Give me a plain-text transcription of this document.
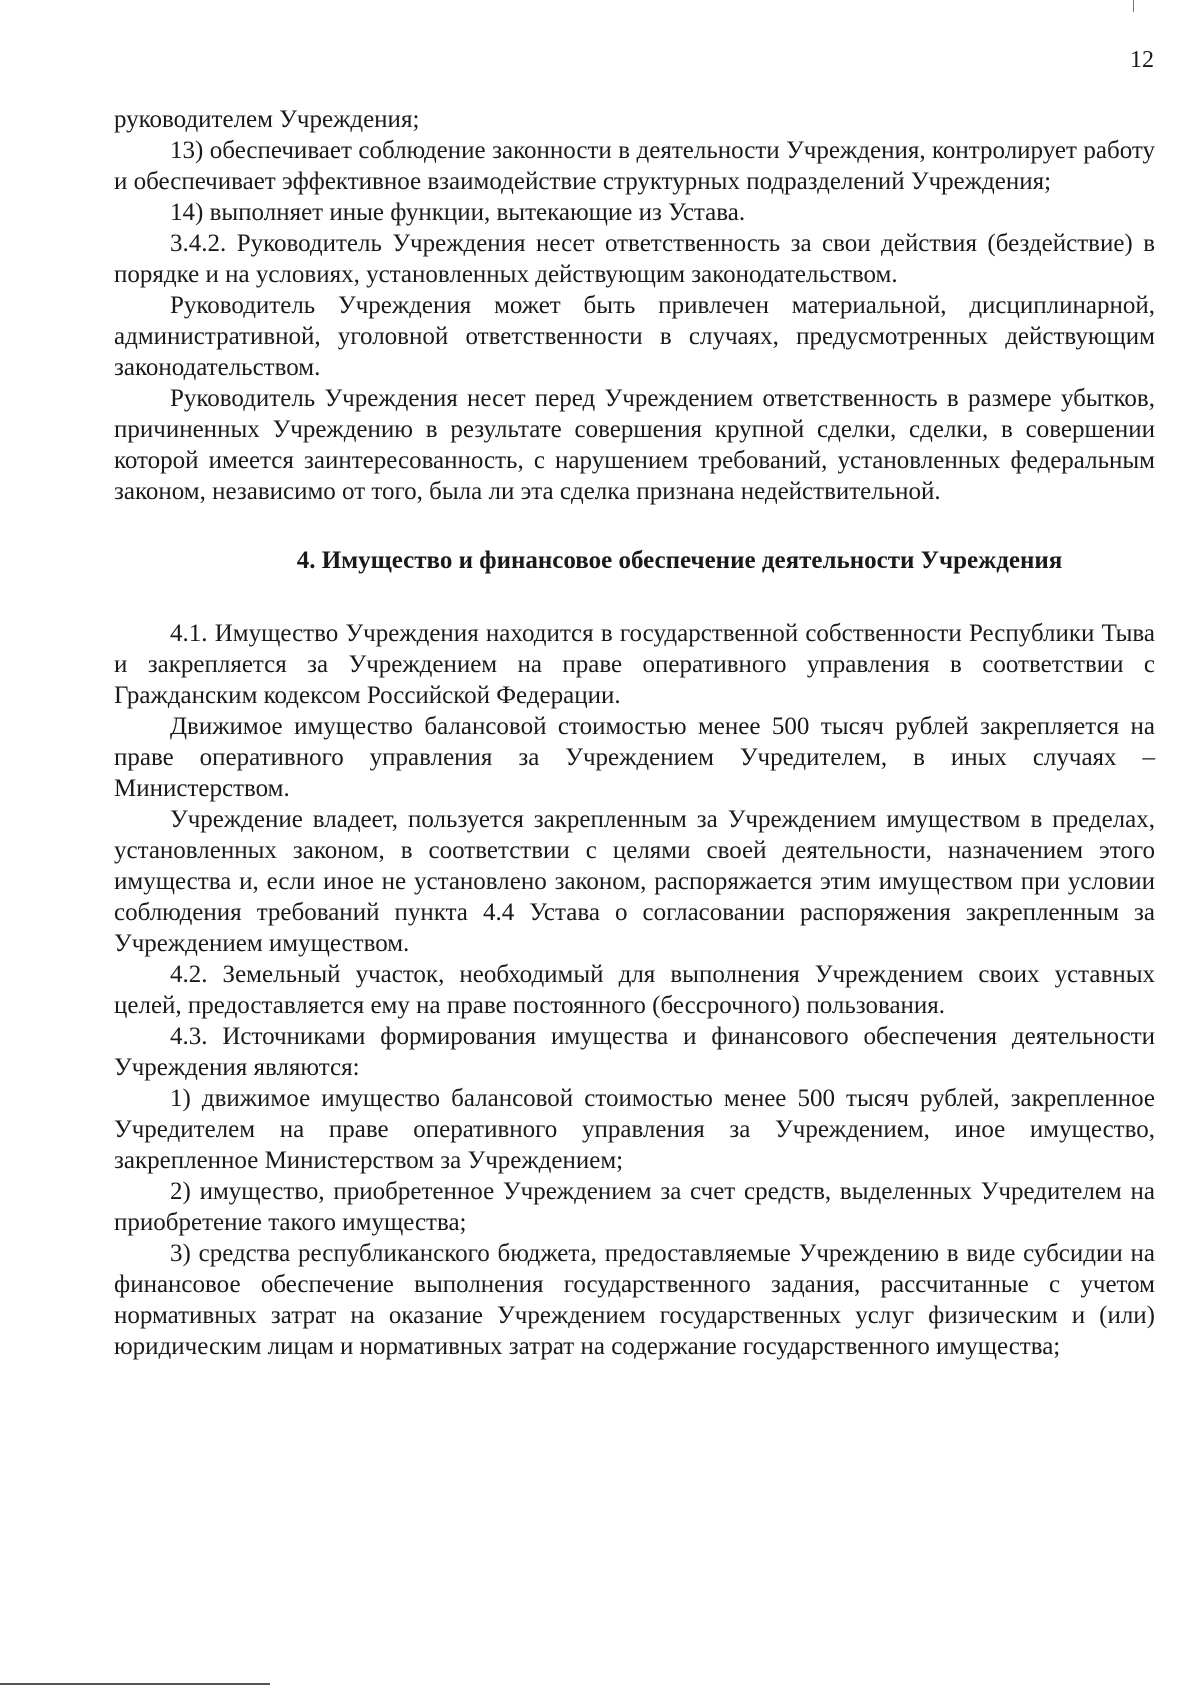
12

руководителем Учреждения;

13) обеспечивает соблюдение законности в деятельности Учреждения, контролирует работу и обеспечивает эффективное взаимодействие структурных подразделений Учреждения;

14) выполняет иные функции, вытекающие из Устава.

3.4.2. Руководитель Учреждения несет ответственность за свои действия (бездействие) в порядке и на условиях, установленных действующим законодательством.

Руководитель Учреждения может быть привлечен материальной, дисциплинарной, административной, уголовной ответственности в случаях, предусмотренных действующим законодательством.

Руководитель Учреждения несет перед Учреждением ответственность в размере убытков, причиненных Учреждению в результате совершения крупной сделки, сделки, в совершении которой имеется заинтересованность, с нарушением требований, установленных федеральным законом, независимо от того, была ли эта сделка признана недействительной.

4. Имущество и финансовое обеспечение деятельности Учреждения

4.1. Имущество Учреждения находится в государственной собственности Республики Тыва и закрепляется за Учреждением на праве оперативного управления в соответствии с Гражданским кодексом Российской Федерации.

Движимое имущество балансовой стоимостью менее 500 тысяч рублей закрепляется на праве оперативного управления за Учреждением Учредителем, в иных случаях – Министерством.

Учреждение владеет, пользуется закрепленным за Учреждением имуществом в пределах, установленных законом, в соответствии с целями своей деятельности, назначением этого имущества и, если иное не установлено законом, распоряжается этим имуществом при условии соблюдения требований пункта 4.4 Устава о согласовании распоряжения закрепленным за Учреждением имуществом.

4.2. Земельный участок, необходимый для выполнения Учреждением своих уставных целей, предоставляется ему на праве постоянного (бессрочного) пользования.

4.3. Источниками формирования имущества и финансового обеспечения деятельности Учреждения являются:

1) движимое имущество балансовой стоимостью менее 500 тысяч рублей, закрепленное Учредителем на праве оперативного управления за Учреждением, иное имущество, закрепленное Министерством за Учреждением;

2) имущество, приобретенное Учреждением за счет средств, выделенных Учредителем на приобретение такого имущества;

3) средства республиканского бюджета, предоставляемые Учреждению в виде субсидии на финансовое обеспечение выполнения государственного задания, рассчитанные с учетом нормативных затрат на оказание Учреждением государственных услуг физическим и (или) юридическим лицам и нормативных затрат на содержание государственного имущества;
